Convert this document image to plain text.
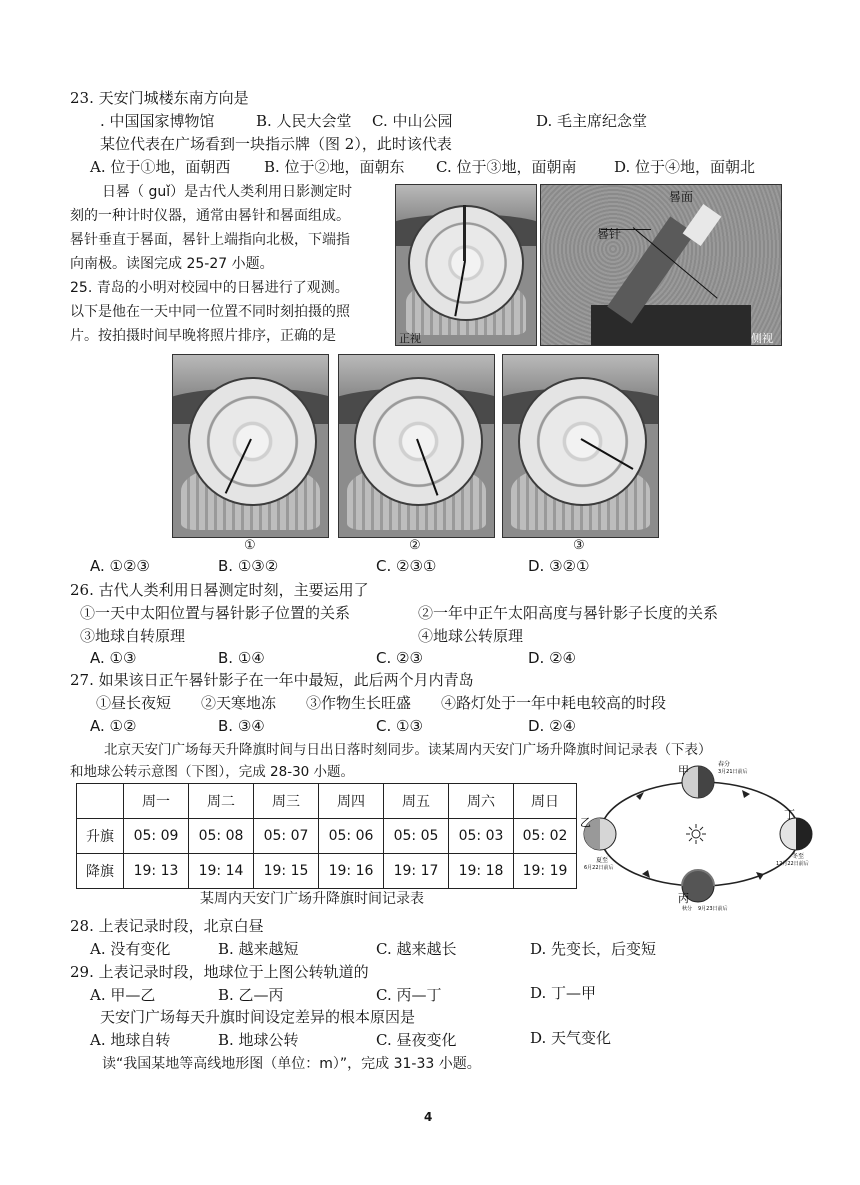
23. 天安门城楼东南方向是
. 中国国家博物馆	B. 人民大会堂 C. 中山公园	D. 毛主席纪念堂
某位代表在广场看到一块指示牌（图 2），此时该代表
A. 位于①地，面朝西 B. 位于②地，面朝东 C. 位于③地，面朝南	D. 位于④地，面朝北
日晷（ guǐ）是古代人类利用日影测定时
刻的一种计时仪器，通常由晷针和晷面组成。
晷针垂直于晷面，晷针上端指向北极，下端指
向南极。读图完成 25-27 小题。
25. 青岛的小明对校园中的日晷进行了观测。
以下是他在一天中同一位置不同时刻拍摄的照
片。按拍摄时间早晚将照片排序，正确的是	正视
晷面
晷针
侧视
①	②	③
A. ①②③	B. ①③②	C. ②③①	D. ③②①
26. 古代人类利用日晷测定时刻，主要运用了
①一天中太阳位置与晷针影子位置的关系	②一年中正午太阳高度与晷针影子长度的关系
③地球自转原理	④地球公转原理
A. ①③	B. ①④	C. ②③	D. ②④
27. 如果该日正午晷针影子在一年中最短，此后两个月内青岛
①昼长夜短　　②天寒地冻　　③作物生长旺盛　　④路灯处于一年中耗电较高的时段
A. ①②	B. ③④	C. ①③	D. ②④
北京天安门广场每天升降旗时间与日出日落时刻同步。读某周内天安门广场升降旗时间记录表（下表）
和地球公转示意图（下图），完成 28-30 小题。
	周一	周二	周三	周四	周五	周六	周日
升旗	05: 09	05: 08	05: 07	05: 06	05: 05	05: 03	05: 02
降旗	19: 13	19: 14	19: 15	19: 16	19: 17	19: 18	19: 19
某周内天安门广场升降旗时间记录表
甲	春分
3月21日前后
乙
夏至
6月22日前后
丙
秋分 9月23日前后
丁
冬至
12月22日前后
28. 上表记录时段，北京白昼
A. 没有变化	B. 越来越短	C. 越来越长	D. 先变长，后变短
29. 上表记录时段，地球位于上图公转轨道的
A. 甲—乙	B. 乙—丙	C. 丙—丁	D. 丁—甲
天安门广场每天升旗时间设定差异的根本原因是
A. 地球自转	B. 地球公转	C. 昼夜变化	D. 天气变化
读“我国某地等高线地形图（单位：m）”，完成 31-33 小题。
4
